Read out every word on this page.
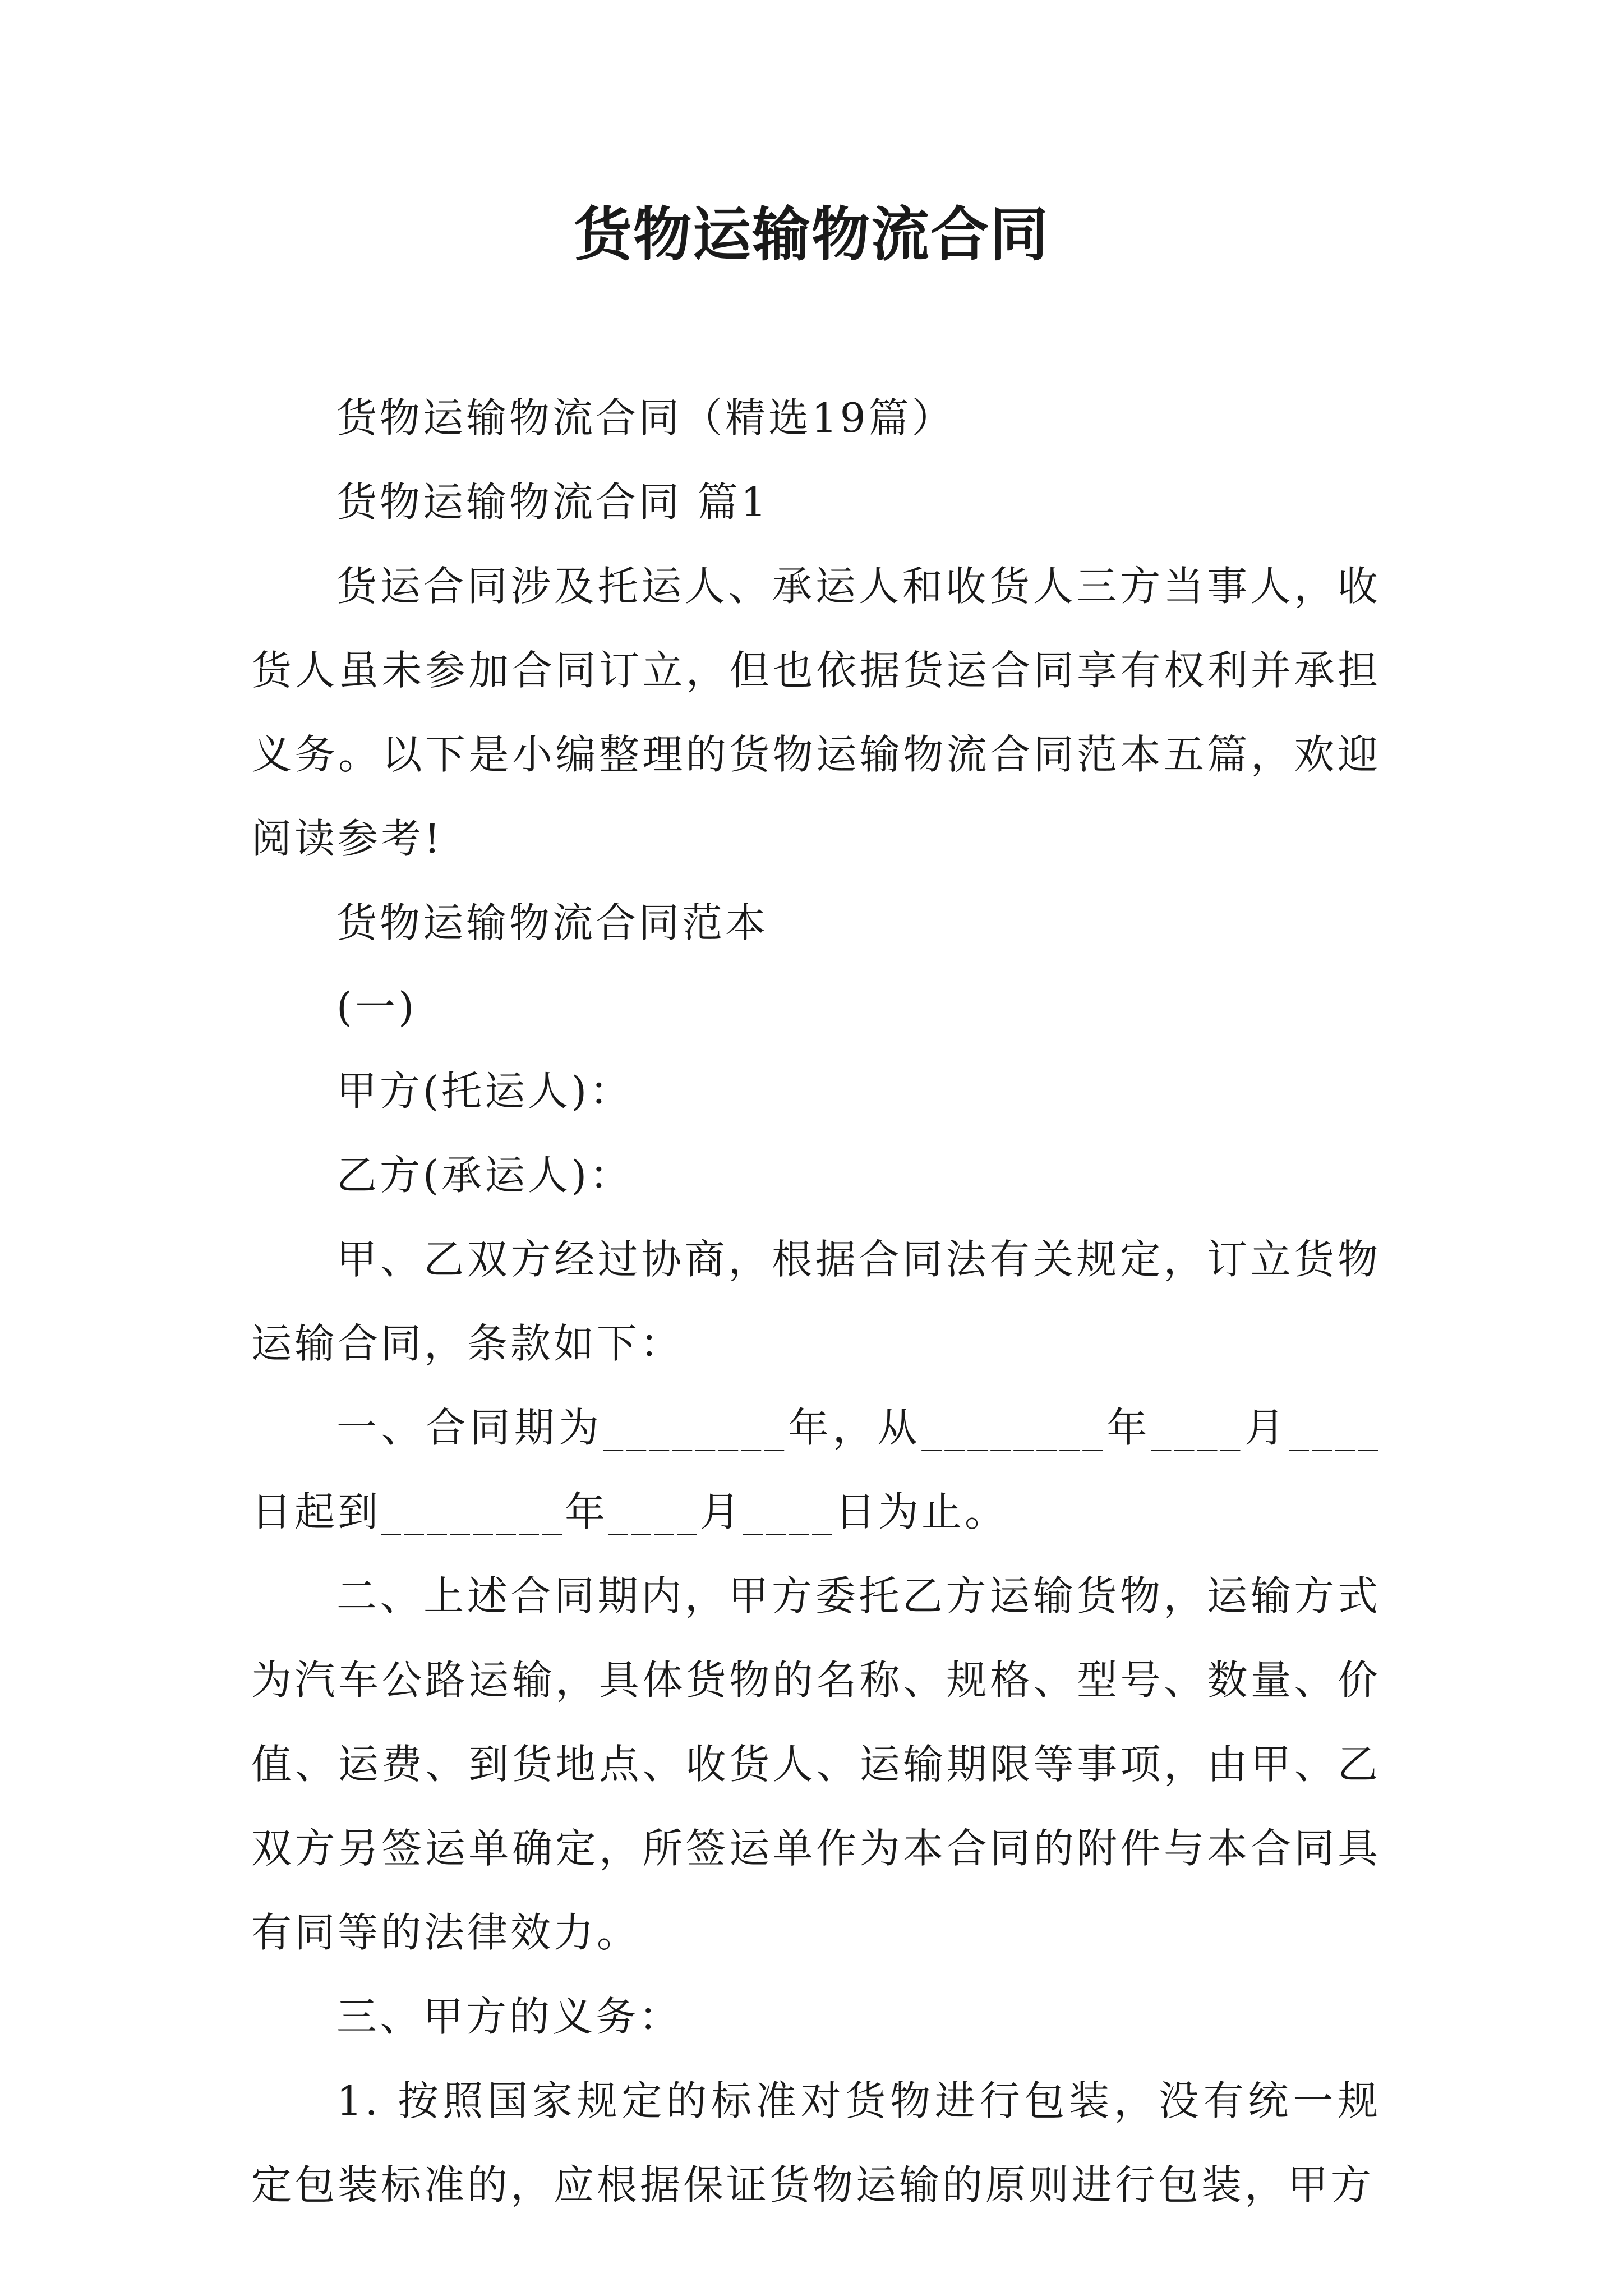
货物运输物流合同

货物运输物流合同（精选19篇）

货物运输物流合同 篇1

货运合同涉及托运人、承运人和收货人三方当事人，收货人虽未参加合同订立，但也依据货运合同享有权利并承担义务。以下是小编整理的货物运输物流合同范本五篇，欢迎阅读参考!

货物运输物流合同范本

(一)

甲方(托运人)：

乙方(承运人)：

甲、乙双方经过协商，根据合同法有关规定，订立货物运输合同，条款如下：

一、合同期为________年，从________年____月____日起到________年____月____日为止。

二、上述合同期内，甲方委托乙方运输货物，运输方式为汽车公路运输，具体货物的名称、规格、型号、数量、价值、运费、到货地点、收货人、运输期限等事项，由甲、乙双方另签运单确定，所签运单作为本合同的附件与本合同具有同等的法律效力。

三、甲方的义务：

1. 按照国家规定的标准对货物进行包装，没有统一规定包装标准的，应根据保证货物运输的原则进行包装，甲方
